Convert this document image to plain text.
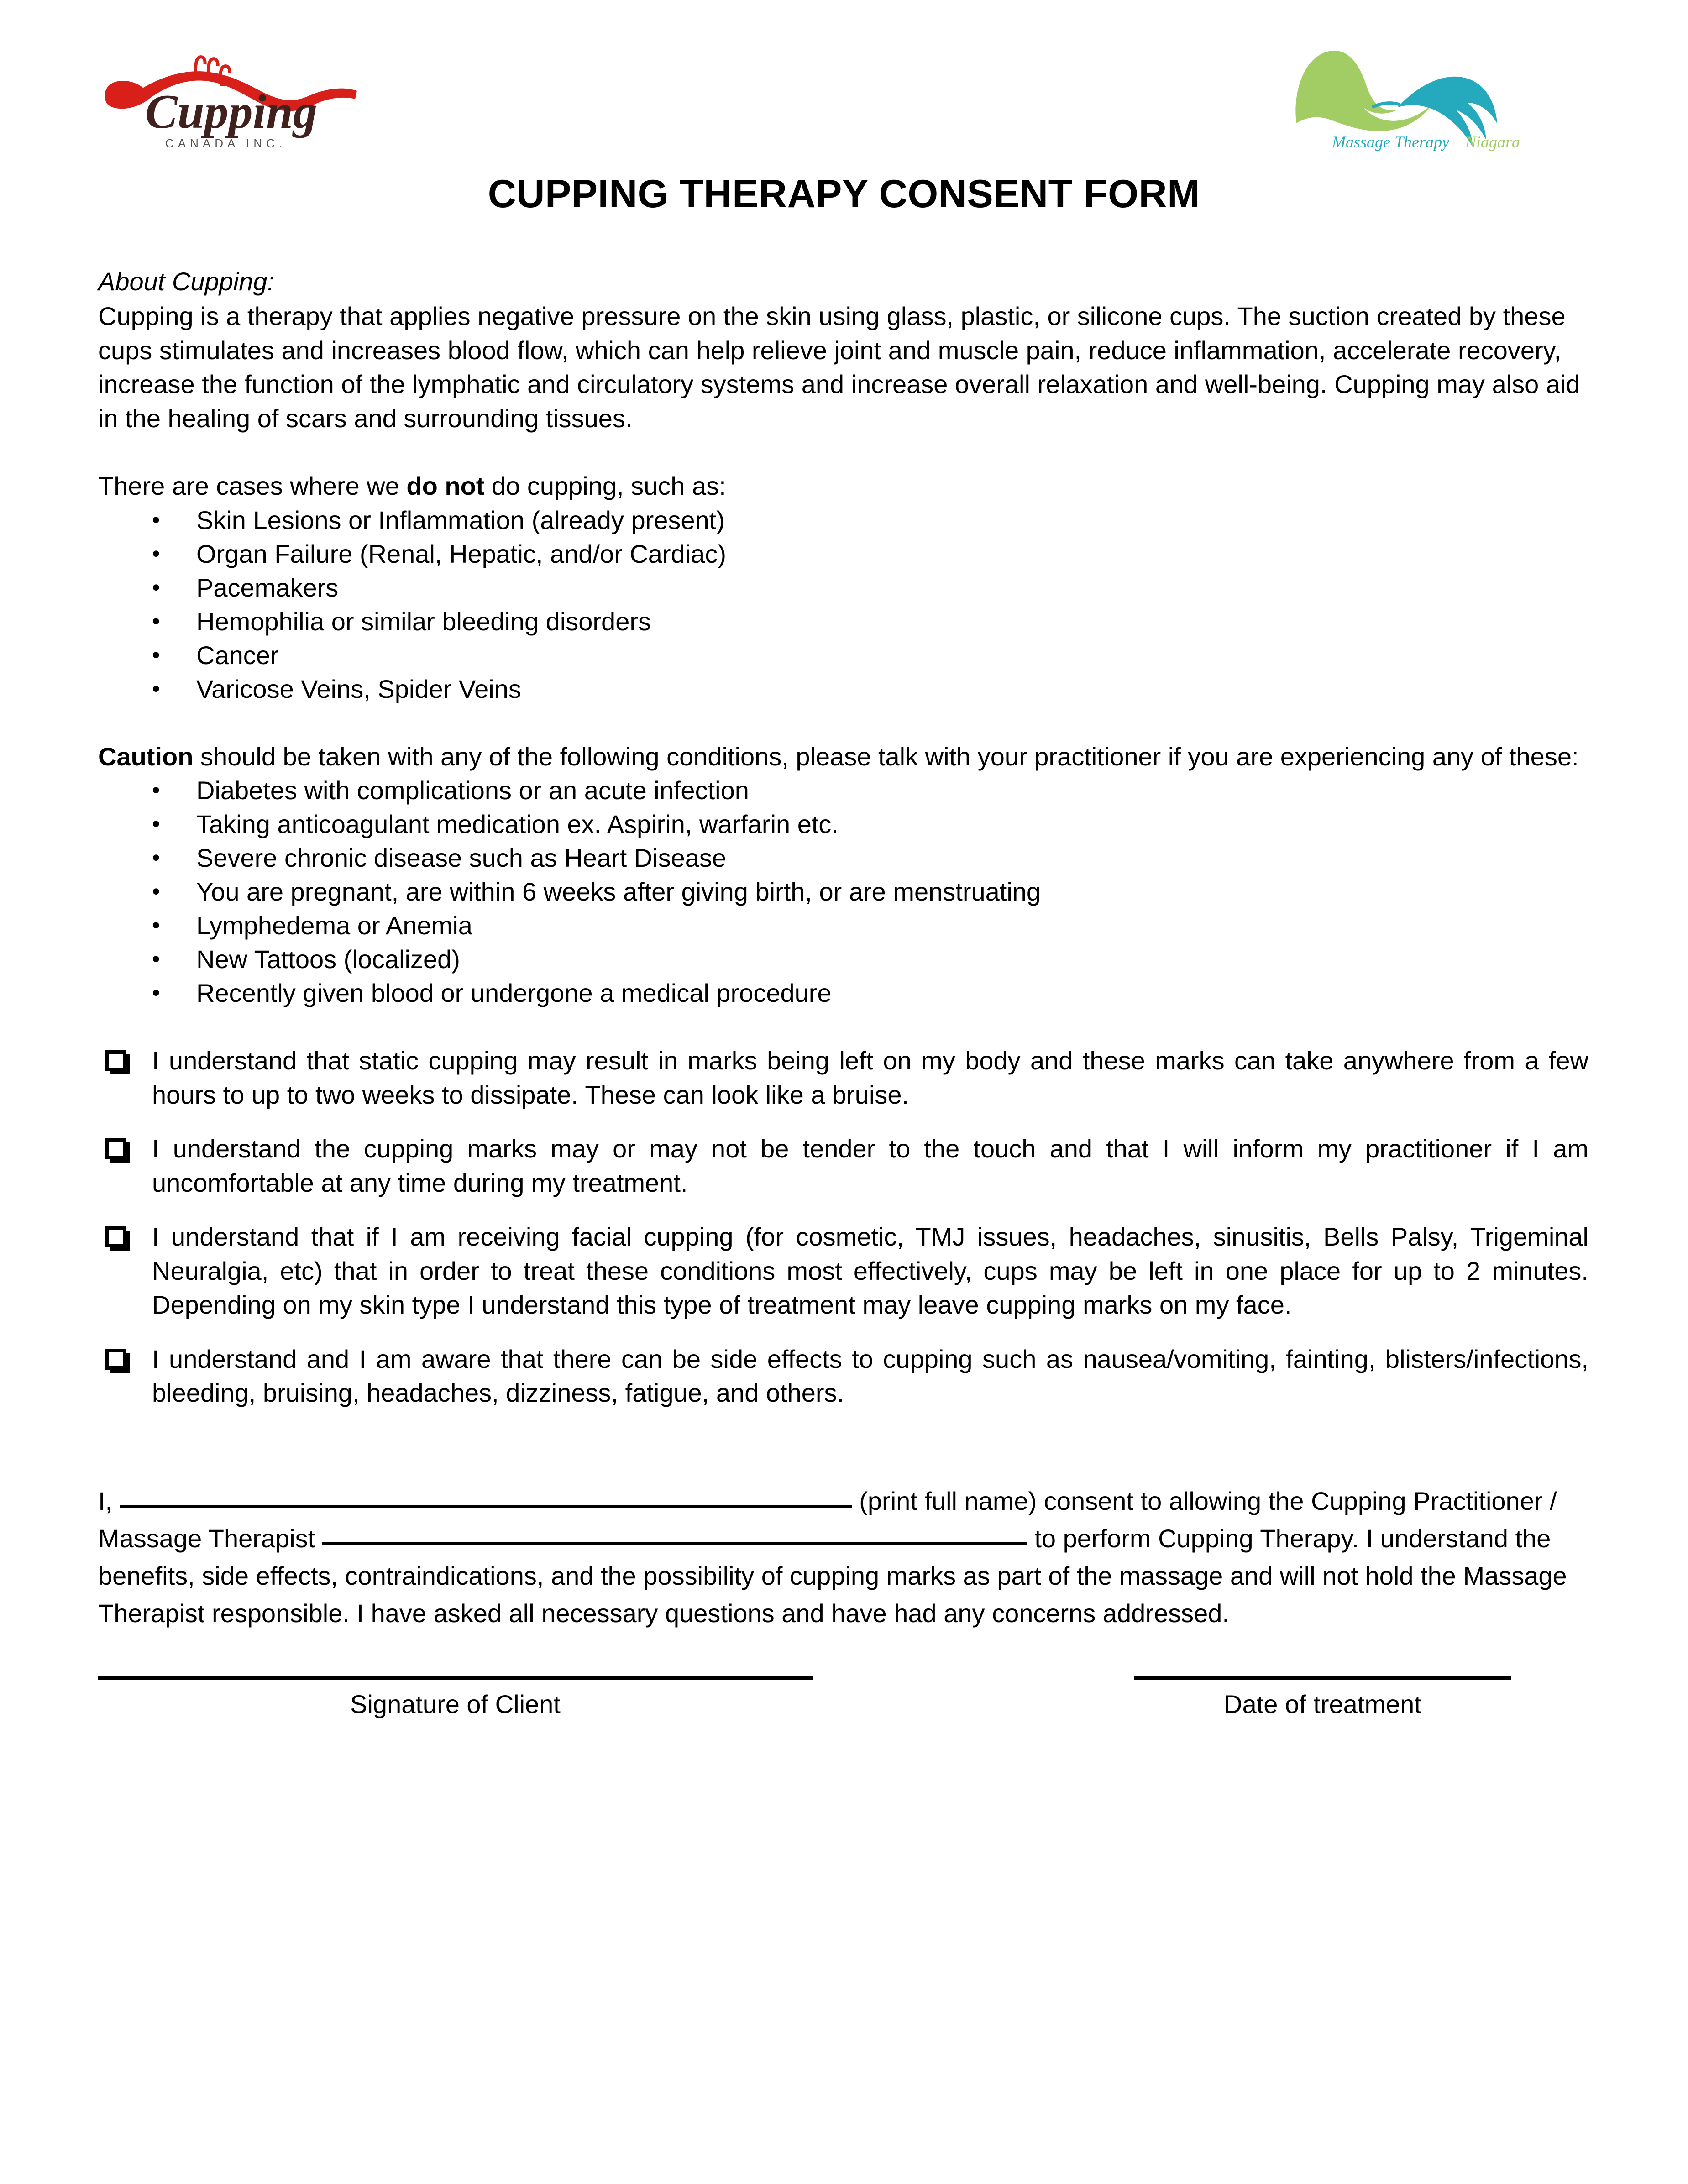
Cupping
CANADA INC.	Massage Therapy Niagara
CUPPING THERAPY CONSENT FORM

About Cupping:

Cupping is a therapy that applies negative pressure on the skin using glass, plastic, or silicone cups. The suction created by these cups stimulates and increases blood flow, which can help relieve joint and muscle pain, reduce inflammation, accelerate recovery, increase the function of the lymphatic and circulatory systems and increase overall relaxation and well-being. Cupping may also aid in the healing of scars and surrounding tissues.

There are cases where we do not do cupping, such as:

• Skin Lesions or Inflammation (already present)
• Organ Failure (Renal, Hepatic, and/or Cardiac)
• Pacemakers
• Hemophilia or similar bleeding disorders
• Cancer
• Varicose Veins, Spider Veins

Caution should be taken with any of the following conditions, please talk with your practitioner if you are experiencing any of these:

• Diabetes with complications or an acute infection
• Taking anticoagulant medication ex. Aspirin, warfarin etc.
• Severe chronic disease such as Heart Disease
• You are pregnant, are within 6 weeks after giving birth, or are menstruating
• Lymphedema or Anemia
• New Tattoos (localized)
• Recently given blood or undergone a medical procedure

I understand that static cupping may result in marks being left on my body and these marks can take anywhere from a few hours to up to two weeks to dissipate. These can look like a bruise.

I understand the cupping marks may or may not be tender to the touch and that I will inform my practitioner if I am uncomfortable at any time during my treatment.

I understand that if I am receiving facial cupping (for cosmetic, TMJ issues, headaches, sinusitis, Bells Palsy, Trigeminal Neuralgia, etc) that in order to treat these conditions most effectively, cups may be left in one place for up to 2 minutes. Depending on my skin type I understand this type of treatment may leave cupping marks on my face.

I understand and I am aware that there can be side effects to cupping such as nausea/vomiting, fainting, blisters/infections, bleeding, bruising, headaches, dizziness, fatigue, and others.

I,	(print full name) consent to allowing the Cupping Practitioner / Massage Therapist	to perform Cupping Therapy. I understand the benefits, side effects, contraindications, and the possibility of cupping marks as part of the massage and will not hold the Massage Therapist responsible. I have asked all necessary questions and have had any concerns addressed.

Signature of Client	Date of treatment
